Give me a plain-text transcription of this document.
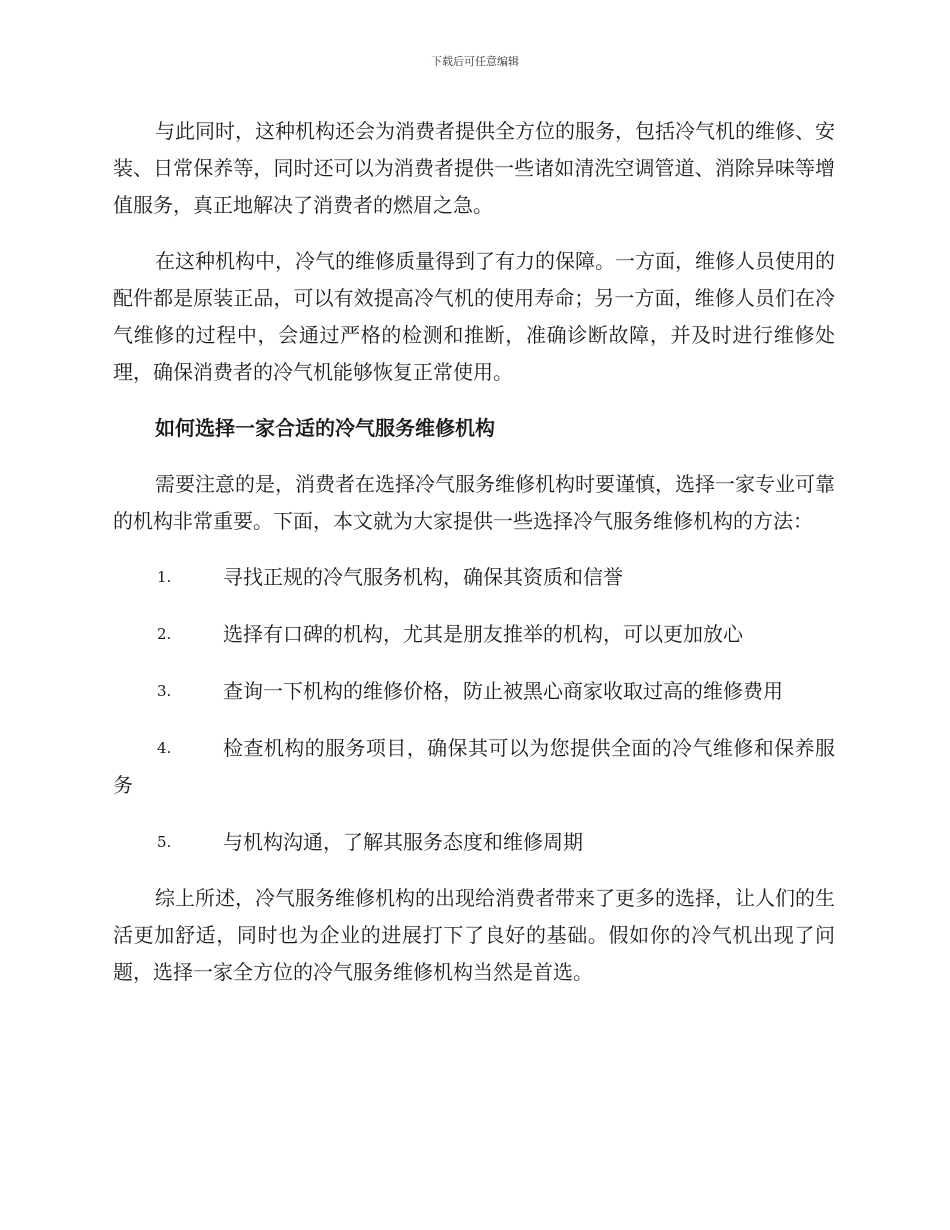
下载后可任意编辑

与此同时，这种机构还会为消费者提供全方位的服务，包括冷气机的维修、安装、日常保养等，同时还可以为消费者提供一些诸如清洗空调管道、消除异味等增值服务，真正地解决了消费者的燃眉之急。

在这种机构中，冷气的维修质量得到了有力的保障。一方面，维修人员使用的配件都是原装正品，可以有效提高冷气机的使用寿命；另一方面，维修人员们在冷气维修的过程中，会通过严格的检测和推断，准确诊断故障，并及时进行维修处理，确保消费者的冷气机能够恢复正常使用。

如何选择一家合适的冷气服务维修机构

需要注意的是，消费者在选择冷气服务维修机构时要谨慎，选择一家专业可靠的机构非常重要。下面，本文就为大家提供一些选择冷气服务维修机构的方法：

1.	寻找正规的冷气服务机构，确保其资质和信誉
2.	选择有口碑的机构，尤其是朋友推举的机构，可以更加放心
3.	查询一下机构的维修价格，防止被黑心商家收取过高的维修费用
4.	检查机构的服务项目，确保其可以为您提供全面的冷气维修和保养服务
5.	与机构沟通，了解其服务态度和维修周期

综上所述，冷气服务维修机构的出现给消费者带来了更多的选择，让人们的生活更加舒适，同时也为企业的进展打下了良好的基础。假如你的冷气机出现了问题，选择一家全方位的冷气服务维修机构当然是首选。
